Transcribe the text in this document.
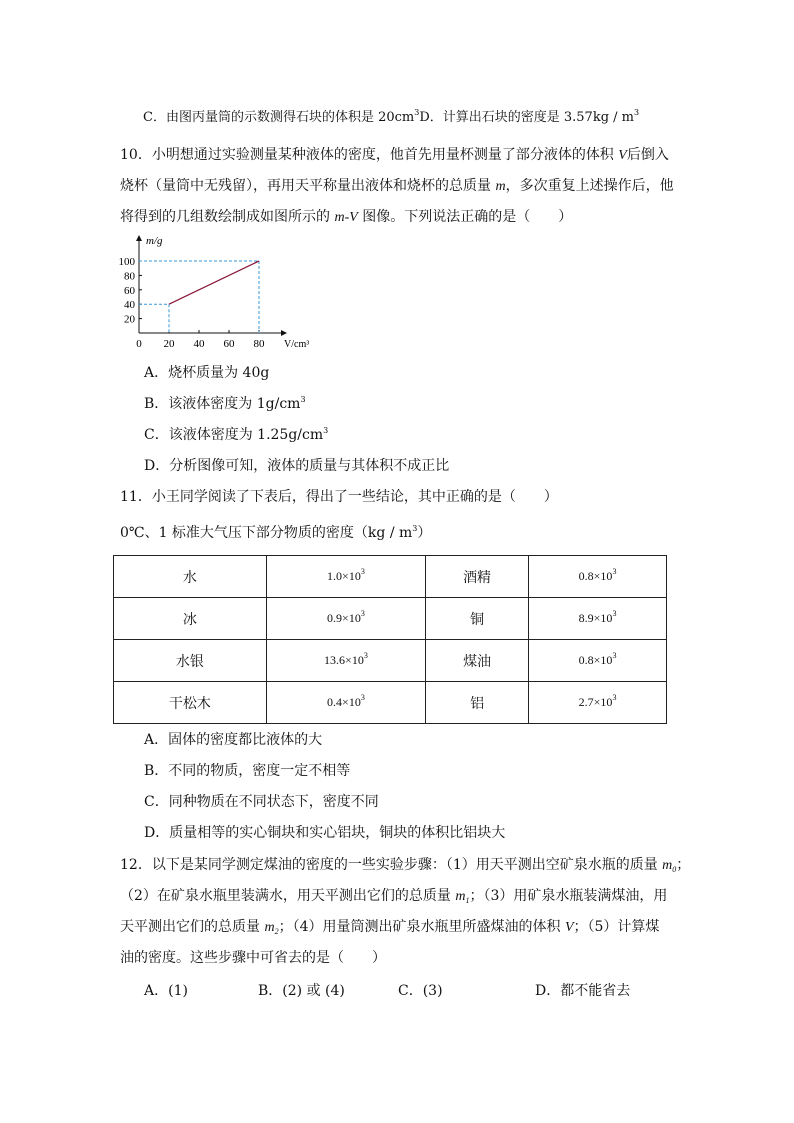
C．由图丙量筒的示数测得石块的体积是 $20cm^3D$．计算出石块的密度是 $3.57kg / m^3$
10．小明想通过实验测量某种液体的密度，他首先用量杯测量了部分液体的体积 V后倒入
烧杯（量筒中无残留），再用天平称量出液体和烧杯的总质量 m，多次重复上述操作后，他
将得到的几组数绘制成如图所示的 m-V 图像。下列说法正确的是（　　）
m/g
V/cm³
0 20 40 60 80
20
40
60
80
100
A．烧杯质量为 40g
B．该液体密度为 $1g/cm^3$
C．该液体密度为 $1.25g/cm^3$
D．分析图像可知，液体的质量与其体积不成正比
11．小王同学阅读了下表后，得出了一些结论，其中正确的是（　　）
0℃、1 标准大气压下部分物质的密度$(kg / m^3)$
水	$1.0\times 10^3$	酒精	$0.8\times 10^3$
冰	$0.9\times 10^3$	铜	$8.9\times 10^3$
水银	$13.6\times 10^3$	煤油	$0.8\times 10^3$
干松木	$0.4\times 10^3$	铝	$2.7\times 10^3$
A．固体的密度都比液体的大
B．不同的物质，密度一定不相等
C．同种物质在不同状态下，密度不同
D．质量相等的实心铜块和实心铝块，铜块的体积比铝块大
12．以下是某同学测定煤油的密度的一些实验步骤：（1）用天平测出空矿泉水瓶的质量 $m_0$；
（2）在矿泉水瓶里装满水，用天平测出它们的总质量 $m_1$；（3）用矿泉水瓶装满煤油，用
天平测出它们的总质量 $m_2$；（4）用量筒测出矿泉水瓶里所盛煤油的体积 V；（5）计算煤
油的密度。这些步骤中可省去的是（　　）
A．(1)	B．(2) 或 (4)	C．(3)	D．都不能省去
